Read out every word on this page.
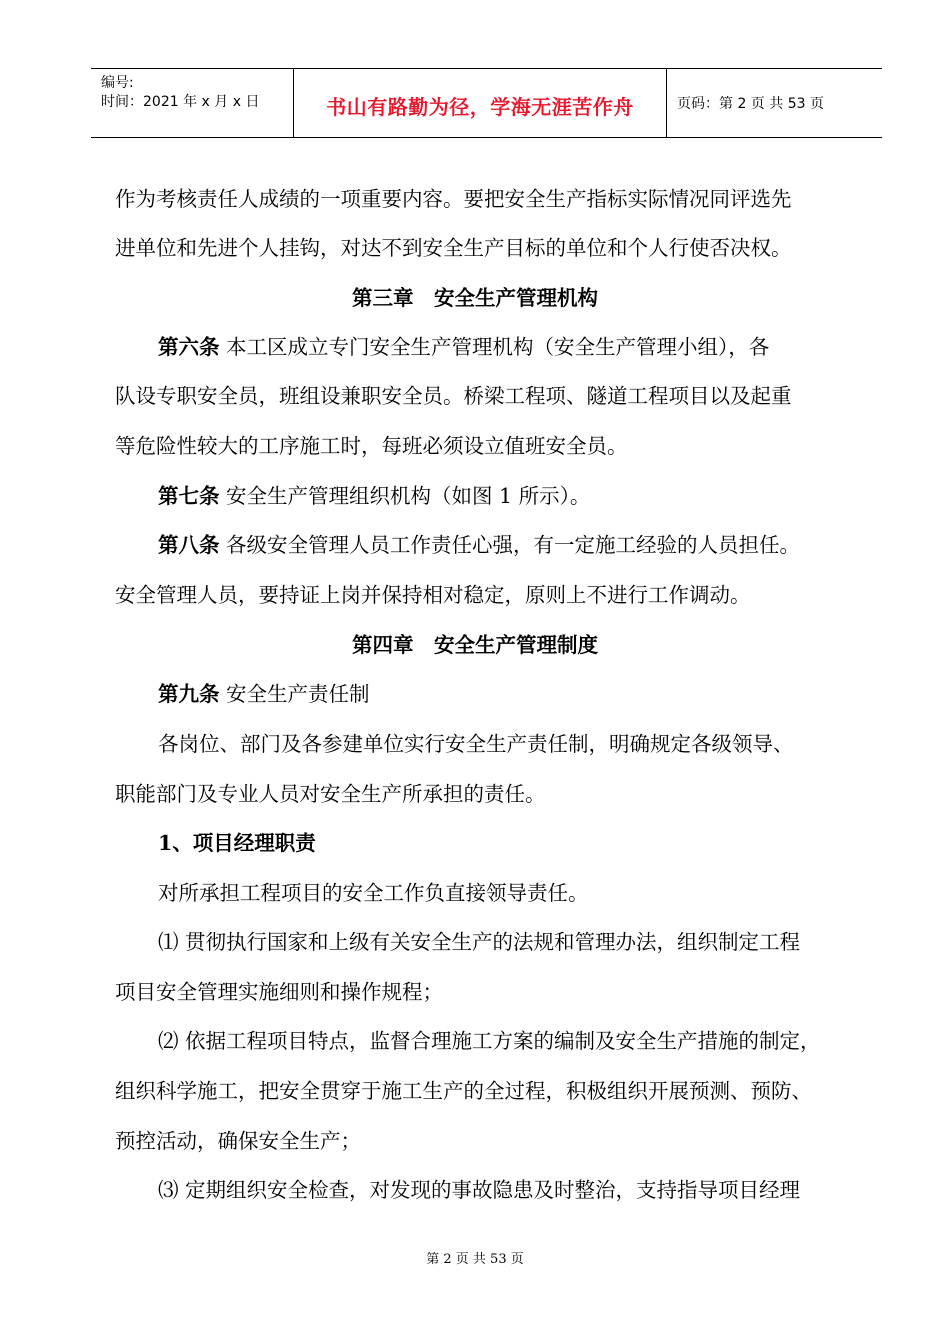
编号:
时间：2021 年 x 月 x 日	书山有路勤为径，学海无涯苦作舟	页码：第 2 页 共 53 页
作为考核责任人成绩的一项重要内容。要把安全生产指标实际情况同评选先
进单位和先进个人挂钩，对达不到安全生产目标的单位和个人行使否决权。
第三章　安全生产管理机构
第六条 本工区成立专门安全生产管理机构（安全生产管理小组），各
队设专职安全员，班组设兼职安全员。桥梁工程项、隧道工程项目以及起重
等危险性较大的工序施工时，每班必须设立值班安全员。
第七条 安全生产管理组织机构（如图 1 所示）。
第八条 各级安全管理人员工作责任心强，有一定施工经验的人员担任。
安全管理人员，要持证上岗并保持相对稳定，原则上不进行工作调动。
第四章　安全生产管理制度
第九条 安全生产责任制
各岗位、部门及各参建单位实行安全生产责任制，明确规定各级领导、
职能部门及专业人员对安全生产所承担的责任。
1、项目经理职责
对所承担工程项目的安全工作负直接领导责任。
⑴ 贯彻执行国家和上级有关安全生产的法规和管理办法，组织制定工程
项目安全管理实施细则和操作规程；
⑵ 依据工程项目特点，监督合理施工方案的编制及安全生产措施的制定，
组织科学施工，把安全贯穿于施工生产的全过程，积极组织开展预测、预防、
预控活动，确保安全生产；
⑶ 定期组织安全检查，对发现的事故隐患及时整治，支持指导项目经理
第 2 页 共 53 页
